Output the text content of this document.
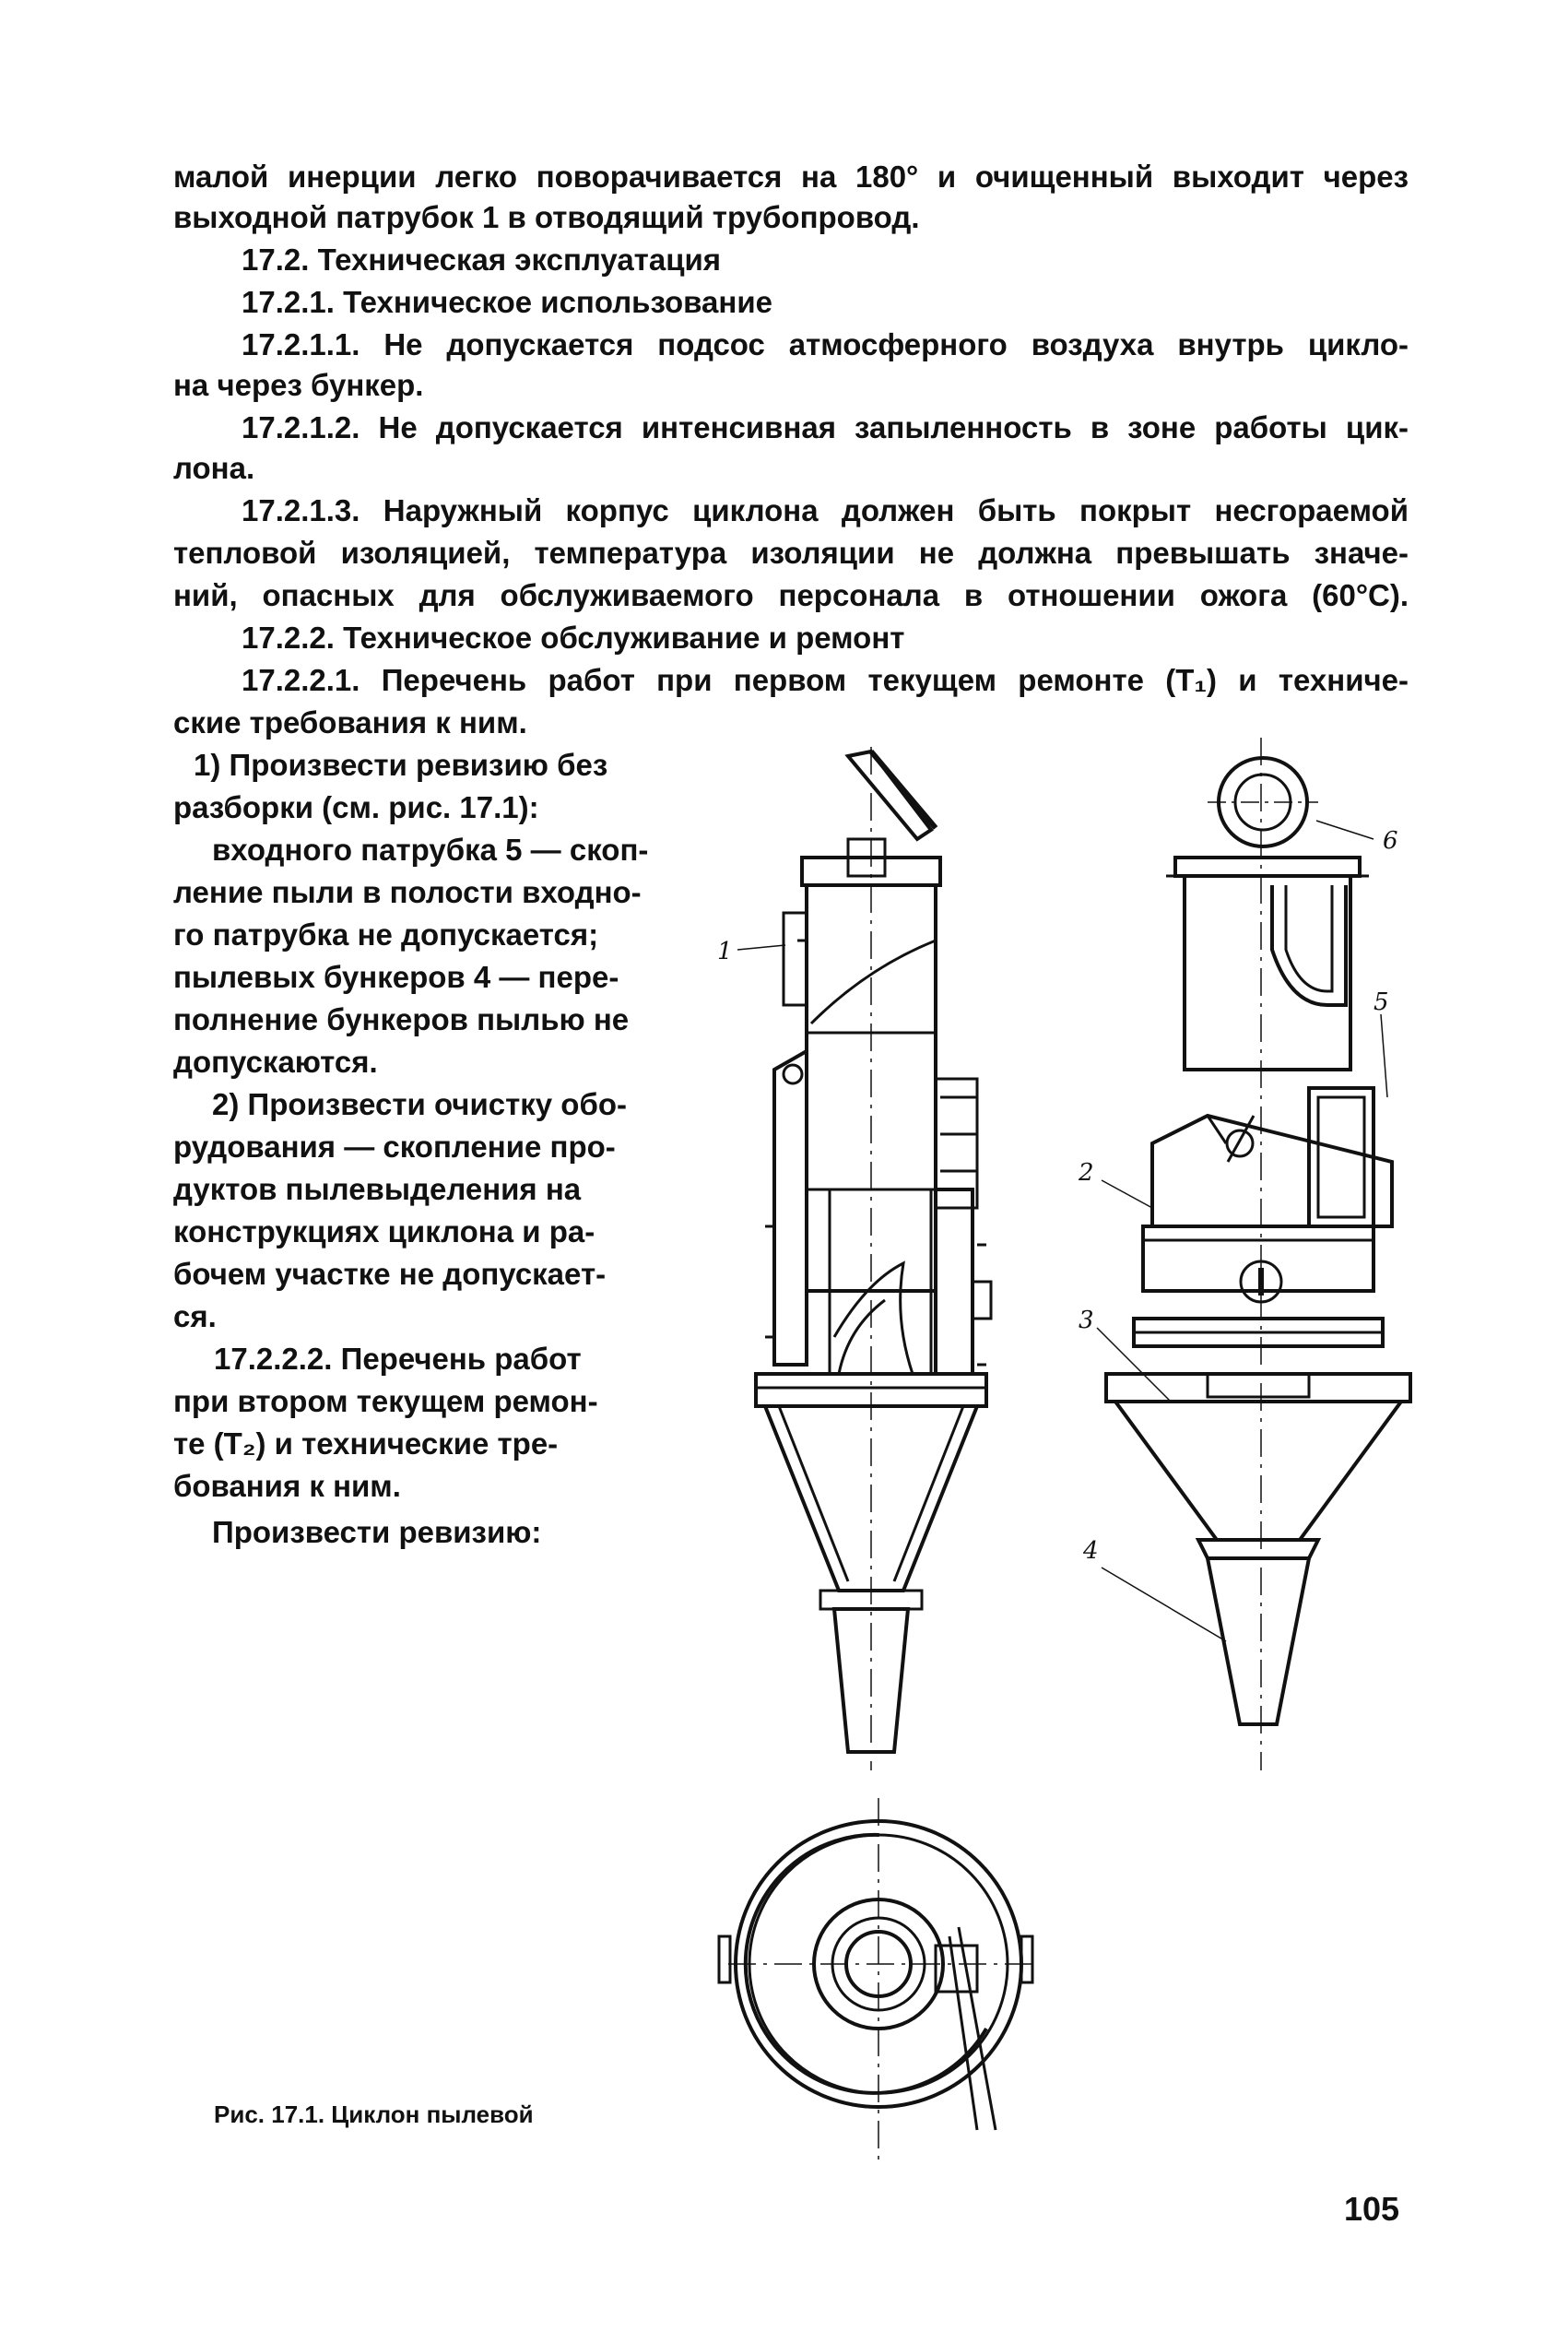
малой инерции легко поворачивается на 180° и очищенный выходит через
выходной патрубок 1 в отводящий трубопровод.
17.2. Техническая эксплуатация
17.2.1. Техническое использование
17.2.1.1. Не допускается подсос атмосферного воздуха внутрь цикло-
на через бункер.
17.2.1.2. Не допускается интенсивная запыленность в зоне работы цик-
лона.
17.2.1.3. Наружный корпус циклона должен быть покрыт несгораемой
тепловой изоляцией, температура изоляции не должна превышать значе-
ний, опасных для обслуживаемого персонала в отношении ожога (60°С).
17.2.2. Техническое обслуживание и ремонт
17.2.2.1. Перечень работ при первом текущем ремонте (T₁) и техниче-
ские требования к ним.
1) Произвести ревизию без
разборки (см. рис. 17.1):
входного патрубка 5 — скоп-
ление пыли в полости входно-
го патрубка не допускается;
пылевых бункеров 4 — пере-
полнение бункеров пылью не
допускаются.
2) Произвести очистку обо-
рудования — скопление про-
дуктов пылевыделения на
конструкциях циклона и ра-
бочем участке не допускает-
ся.
17.2.2.2. Перечень работ
при втором текущем ремон-
те (T₂) и технические тре-
бования к ним.
Произвести ревизию:
1
6
5
2
3
4
Рис. 17.1. Циклон пылевой
105
